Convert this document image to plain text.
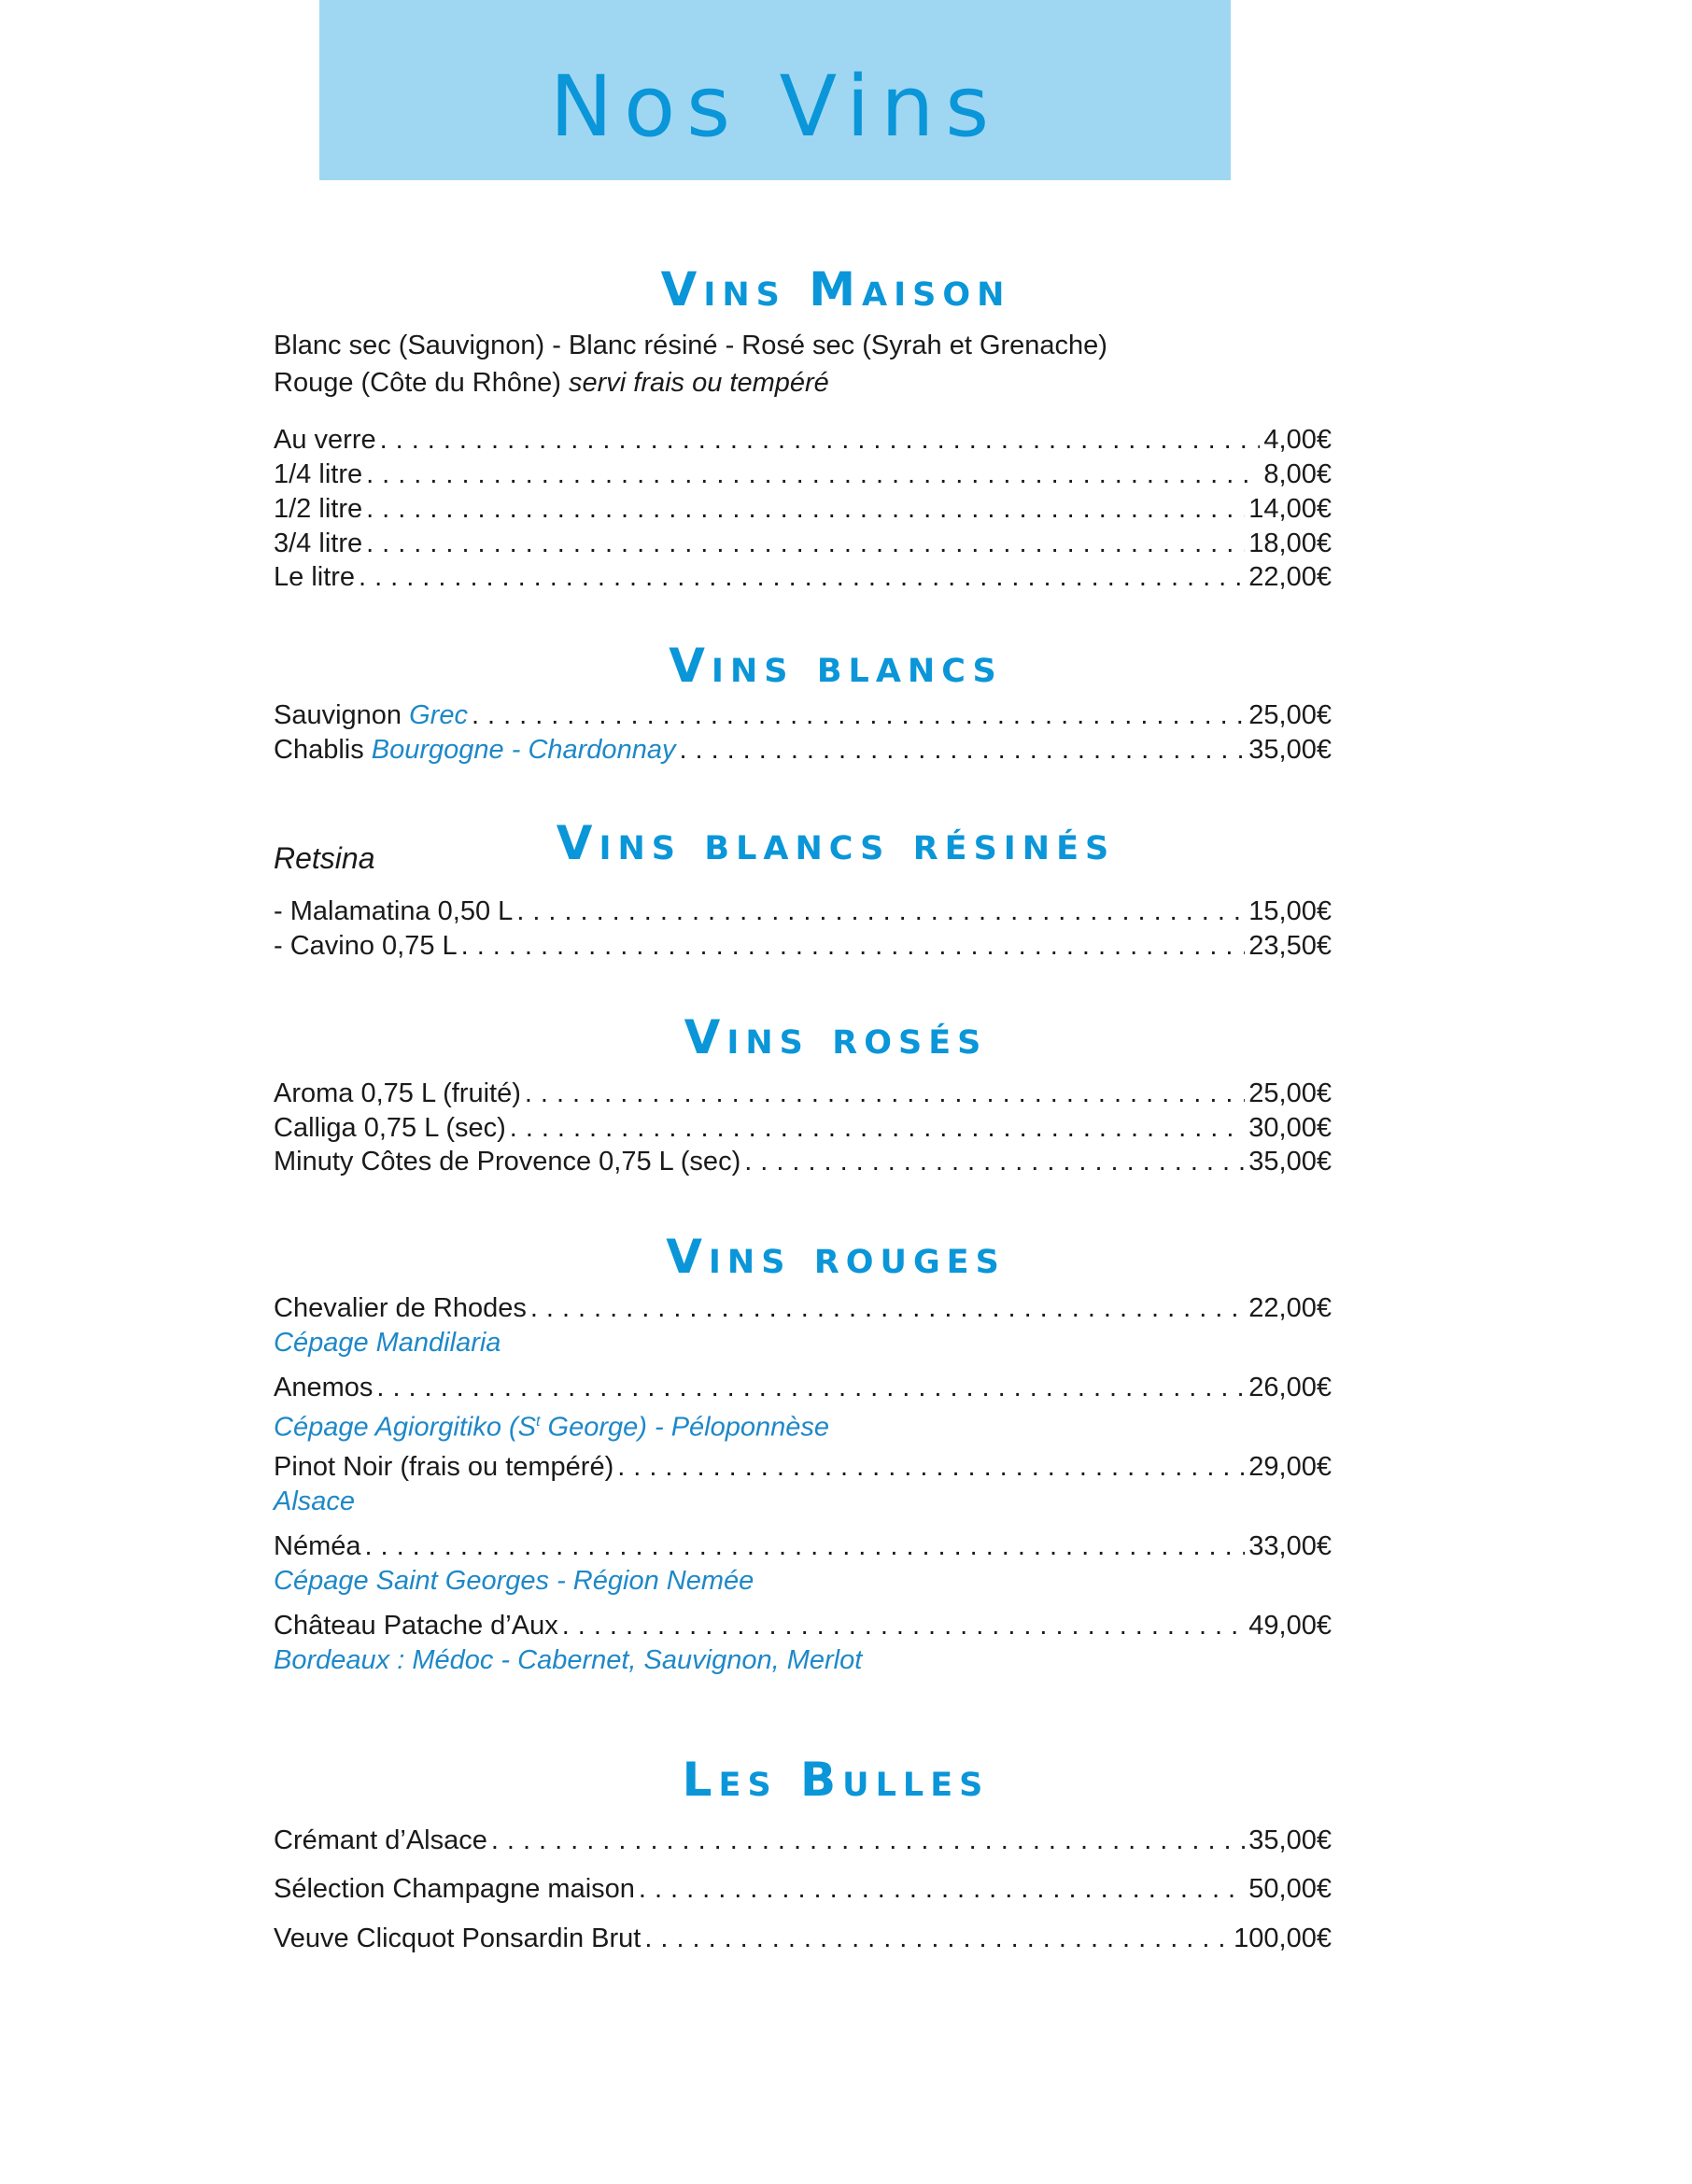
Nos Vins
Vins Maison
Blanc sec (Sauvignon) - Blanc résiné - Rosé sec (Syrah et Grenache)
Rouge (Côte du Rhône) servi frais ou tempéré
Au verre .....	4,00€
1/4 litre .....	8,00€
1/2 litre .....	14,00€
3/4 litre .....	18,00€
Le litre .....	22,00€
Vins blancs
Sauvignon Grec .....	25,00€
Chablis Bourgogne - Chardonnay .....	35,00€
Vins blancs résinés
Retsina
- Malamatina 0,50 L .....	15,00€
- Cavino 0,75 L .....	23,50€
Vins rosés
Aroma 0,75 L (fruité) .....	25,00€
Calliga 0,75 L (sec) .....	30,00€
Minuty Côtes de Provence 0,75 L (sec) .....	35,00€
Vins rouges
Chevalier de Rhodes .....	22,00€
Cépage Mandilaria
Anemos .....	26,00€
Cépage Agiorgitiko ($S^t$ George) - Péloponnèse
Pinot Noir (frais ou tempéré) .....	29,00€
Alsace
Néméa .....	33,00€
Cépage Saint Georges - Région Nemée
Château Patache d’Aux .....	49,00€
Bordeaux : Médoc - Cabernet, Sauvignon, Merlot
Les Bulles
Crémant d’Alsace .....	35,00€
Sélection Champagne maison .....	50,00€
Veuve Clicquot Ponsardin Brut .....	100,00€
